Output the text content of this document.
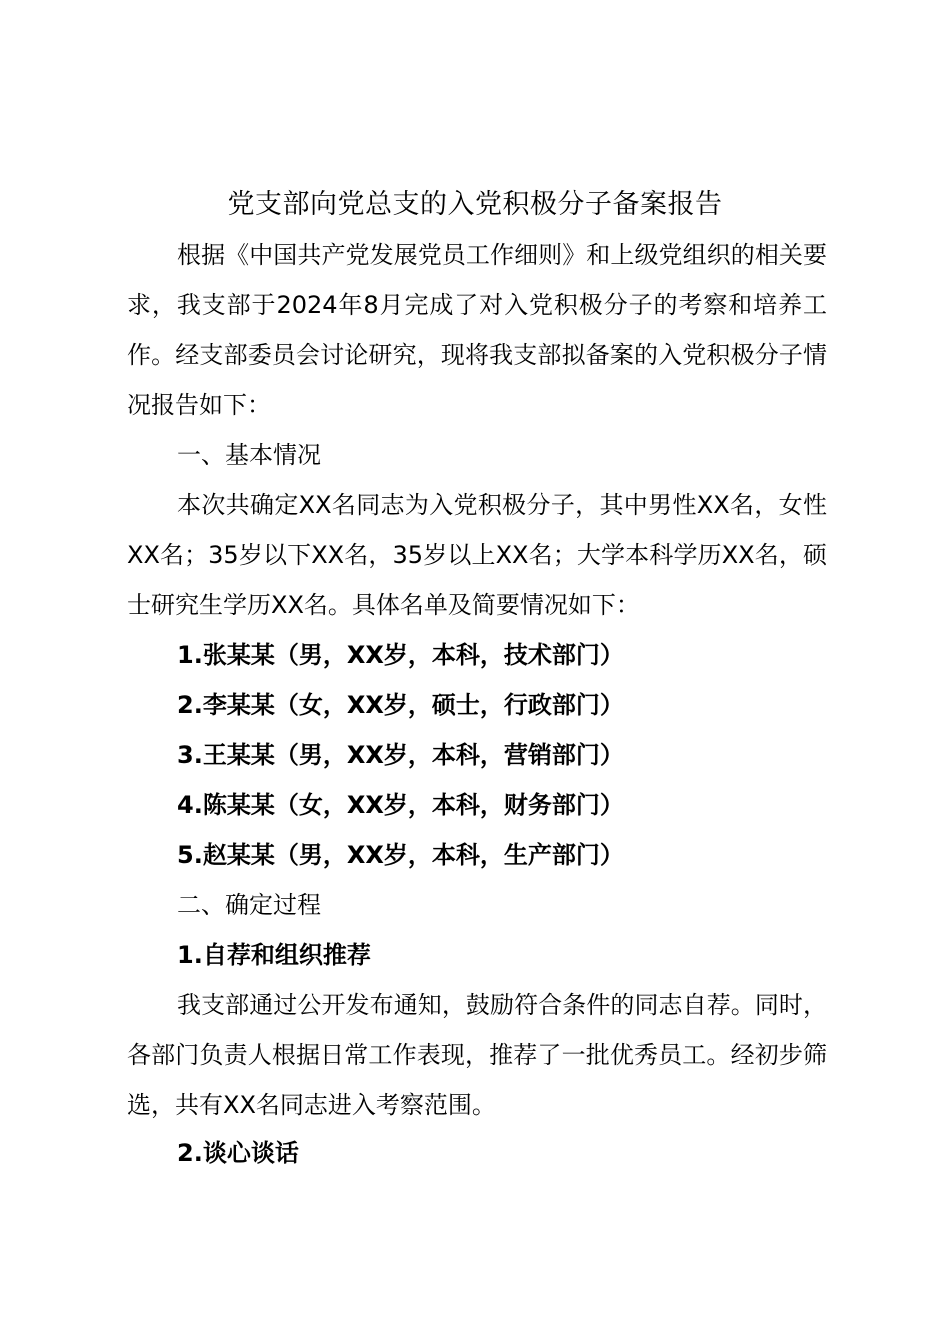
党支部向党总支的入党积极分子备案报告
根据《中国共产党发展党员工作细则》和上级党组织的相关要求，我支部于2024年8月完成了对入党积极分子的考察和培养工作。经支部委员会讨论研究，现将我支部拟备案的入党积极分子情况报告如下：
一、基本情况
本次共确定XX名同志为入党积极分子，其中男性XX名，女性XX名；35岁以下XX名，35岁以上XX名；大学本科学历XX名，硕士研究生学历XX名。具体名单及简要情况如下：
1.张某某（男，XX岁，本科，技术部门）
2.李某某（女，XX岁，硕士，行政部门）
3.王某某（男，XX岁，本科，营销部门）
4.陈某某（女，XX岁，本科，财务部门）
5.赵某某（男，XX岁，本科，生产部门）
二、确定过程
1.自荐和组织推荐
我支部通过公开发布通知，鼓励符合条件的同志自荐。同时，各部门负责人根据日常工作表现，推荐了一批优秀员工。经初步筛选，共有XX名同志进入考察范围。
2.谈心谈话
